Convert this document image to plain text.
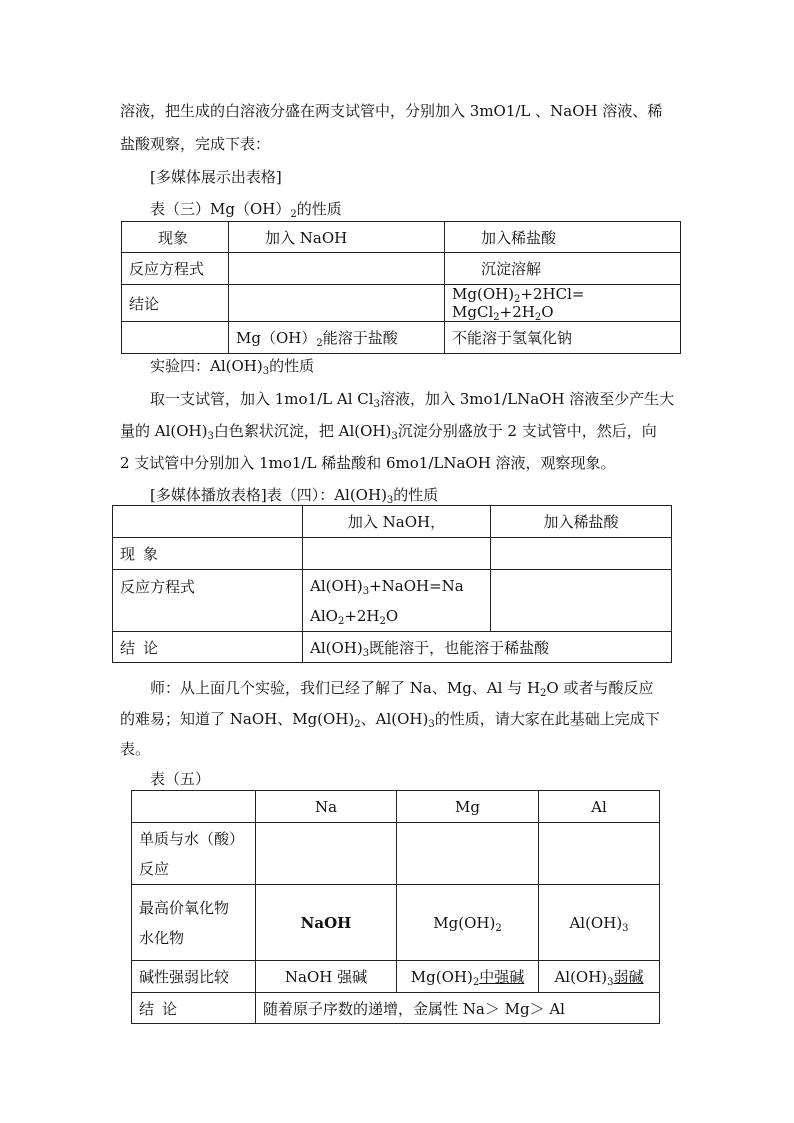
溶液，把生成的白溶液分盛在两支试管中，分别加入 3mO1/L 、NaOH 溶液、稀
盐酸观察，完成下表：
[多媒体展示出表格]
表（三）$Mg(OH)_2$的性质
现象	加入 NaOH	加入稀盐酸
反应方程式		沉淀溶解
结论		$Mg(OH)_2+2HCl=$ $MgCl_2+2H_2O$
	$Mg(OH)_2$能溶于盐酸	不能溶于氢氧化钠
实验四：$Al(OH)_3$的性质
取一支试管，加入 1mo1/L Al $Cl_3$溶液，加入 3mo1/LNaOH 溶液至少产生大
量的 $Al(OH)_3$白色絮状沉淀，把 $Al(OH)_3$沉淀分别盛放于 2 支试管中，然后，向
2 支试管中分别加入 1mo1/L 稀盐酸和 6mo1/LNaOH 溶液，观察现象。
[多媒体播放表格]表（四）：$Al(OH)_3$的性质
	加入 NaOH，	加入稀盐酸
现象		
反应方程式	$Al(OH)_3+NaOH=Na$
$AlO_2+2H_2O$	

结论	$Al(OH)_3$既能溶于，也能溶于稀盐酸	
师：从上面几个实验，我们已经了解了 Na、Mg、Al 与 $H_2O$ 或者与酸反应
的难易；知道了 NaOH、$Mg(OH)_2$、$Al(OH)_3$的性质，请大家在此基础上完成下
表。
表（五）
	Na	Mg	Al

单质与水（酸）
反应			

最高价氧化物
水化物	NaOH	$Mg(OH)_2$	$Al(OH)_3$
碱性强弱比较	NaOH 强碱	$Mg(OH)_2$中强碱	$Al(OH)_3$弱碱
结论	随着原子序数的递增，金属性 Na＞ Mg＞ Al		
